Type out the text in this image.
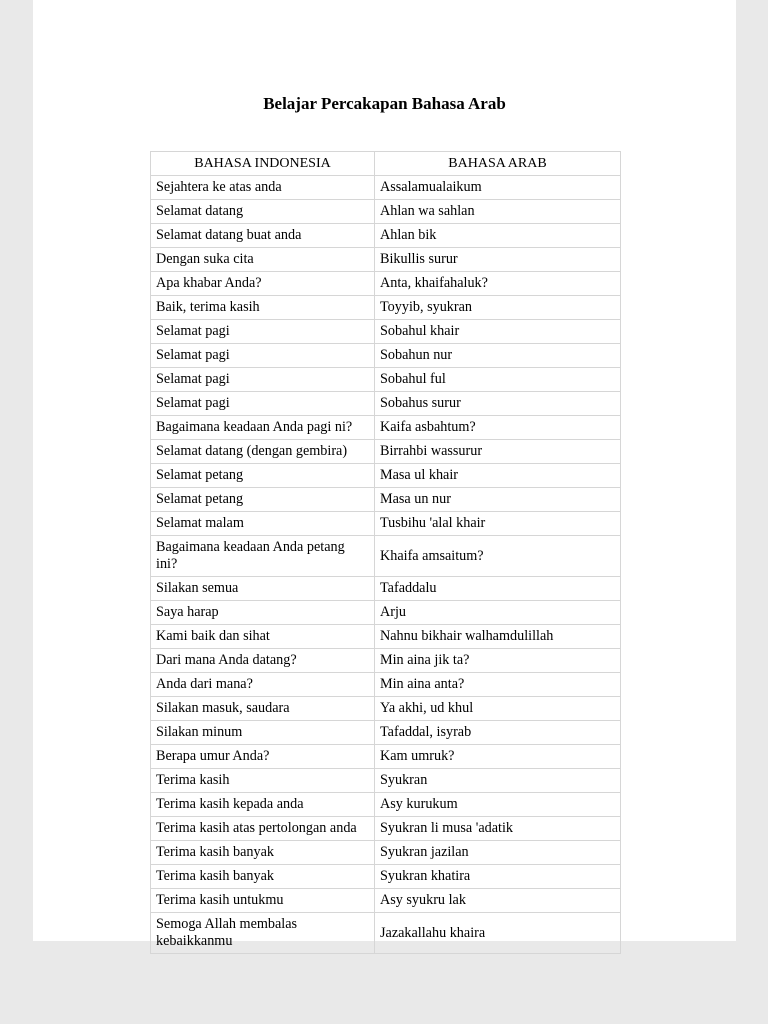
Belajar Percakapan Bahasa Arab
BAHASA INDONESIA	BAHASA ARAB
Sejahtera ke atas anda	Assalamualaikum
Selamat datang	Ahlan wa sahlan
Selamat datang buat anda	Ahlan bik
Dengan suka cita	Bikullis surur
Apa khabar Anda?	Anta, khaifahaluk?
Baik, terima kasih	Toyyib, syukran
Selamat pagi	Sobahul khair
Selamat pagi	Sobahun nur
Selamat pagi	Sobahul ful
Selamat pagi	Sobahus surur
Bagaimana keadaan Anda pagi ni?	Kaifa asbahtum?
Selamat datang (dengan gembira)	Birrahbi wassurur
Selamat petang	Masa ul khair
Selamat petang	Masa un nur
Selamat malam	Tusbihu 'alal khair
Bagaimana keadaan Anda petang ini?	Khaifa amsaitum?
Silakan semua	Tafaddalu
Saya harap	Arju
Kami baik dan sihat	Nahnu bikhair walhamdulillah
Dari mana Anda datang?	Min aina jik ta?
Anda dari mana?	Min aina anta?
Silakan masuk, saudara	Ya akhi, ud khul
Silakan minum	Tafaddal, isyrab
Berapa umur Anda?	Kam umruk?
Terima kasih	Syukran
Terima kasih kepada anda	Asy kurukum
Terima kasih atas pertolongan anda	Syukran li musa 'adatik
Terima kasih banyak	Syukran jazilan
Terima kasih banyak	Syukran khatira
Terima kasih untukmu	Asy syukru lak
Semoga Allah membalas kebaikkanmu	Jazakallahu khaira
